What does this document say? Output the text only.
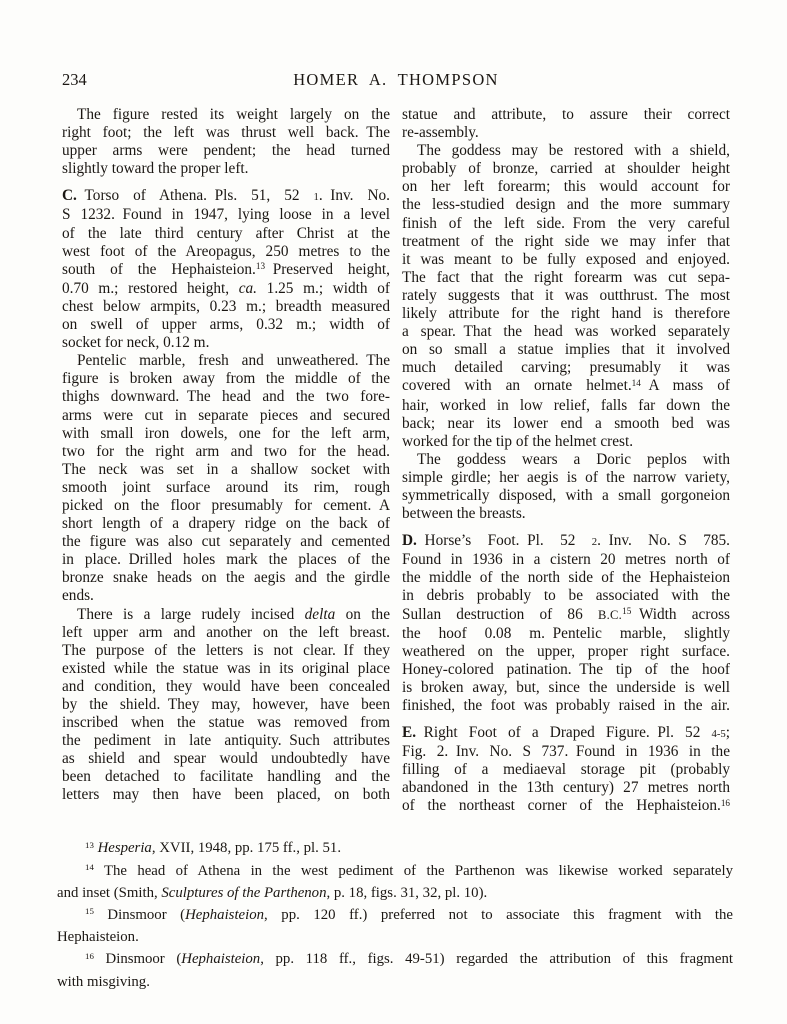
234	HOMER A. THOMPSON
The figure rested its weight largely on the
right foot; the left was thrust well back. The
upper arms were pendent; the head turned
slightly toward the proper left.
C. Torso of Athena. Pls. 51, 52 1. Inv. No.
S 1232. Found in 1947, lying loose in a level
of the late third century after Christ at the
west foot of the Areopagus, 250 metres to the
south of the Hephaisteion.$^{13}$ Preserved height,
0.70 m.; restored height, ca. 1.25 m.; width of
chest below armpits, 0.23 m.; breadth measured
on swell of upper arms, 0.32 m.; width of
socket for neck, 0.12 m.
Pentelic marble, fresh and unweathered. The
figure is broken away from the middle of the
thighs downward. The head and the two fore-
arms were cut in separate pieces and secured
with small iron dowels, one for the left arm,
two for the right arm and two for the head.
The neck was set in a shallow socket with
smooth joint surface around its rim, rough
picked on the floor presumably for cement. A
short length of a drapery ridge on the back of
the figure was also cut separately and cemented
in place. Drilled holes mark the places of the
bronze snake heads on the aegis and the girdle
ends.
There is a large rudely incised delta on the
left upper arm and another on the left breast.
The purpose of the letters is not clear. If they
existed while the statue was in its original place
and condition, they would have been concealed
by the shield. They may, however, have been
inscribed when the statue was removed from
the pediment in late antiquity. Such attributes
as shield and spear would undoubtedly have
been detached to facilitate handling and the
letters may then have been placed, on both
statue and attribute, to assure their correct
re-assembly.
The goddess may be restored with a shield,
probably of bronze, carried at shoulder height
on her left forearm; this would account for
the less-studied design and the more summary
finish of the left side. From the very careful
treatment of the right side we may infer that
it was meant to be fully exposed and enjoyed.
The fact that the right forearm was cut sepa-
rately suggests that it was outthrust. The most
likely attribute for the right hand is therefore
a spear. That the head was worked separately
on so small a statue implies that it involved
much detailed carving; presumably it was
covered with an ornate helmet.$^{14}$ A mass of
hair, worked in low relief, falls far down the
back; near its lower end a smooth bed was
worked for the tip of the helmet crest.
The goddess wears a Doric peplos with
simple girdle; her aegis is of the narrow variety,
symmetrically disposed, with a small gorgoneion
between the breasts.
D. Horse’s Foot. Pl. 52 2. Inv. No. S 785.
Found in 1936 in a cistern 20 metres north of
the middle of the north side of the Hephaisteion
in debris probably to be associated with the
Sullan destruction of 86 B.C.$^{15}$ Width across
the hoof 0.08 m. Pentelic marble, slightly
weathered on the upper, proper right surface.
Honey-colored patination. The tip of the hoof
is broken away, but, since the underside is well
finished, the foot was probably raised in the air.
E. Right Foot of a Draped Figure. Pl. 52 4-5;
Fig. 2. Inv. No. S 737. Found in 1936 in the
filling of a mediaeval storage pit (probably
abandoned in the 13th century) 27 metres north
of the northeast corner of the Hephaisteion.$^{16}$
$^{13}$ Hesperia, XVII, 1948, pp. 175 ff., pl. 51.
$^{14}$ The head of Athena in the west pediment of the Parthenon was likewise worked separately
and inset (Smith, Sculptures of the Parthenon, p. 18, figs. 31, 32, pl. 10).
$^{15}$ Dinsmoor (Hephaisteion, pp. 120 ff.) preferred not to associate this fragment with the
Hephaisteion.
$^{16}$ Dinsmoor (Hephaisteion, pp. 118 ff., figs. 49-51) regarded the attribution of this fragment
with misgiving.
